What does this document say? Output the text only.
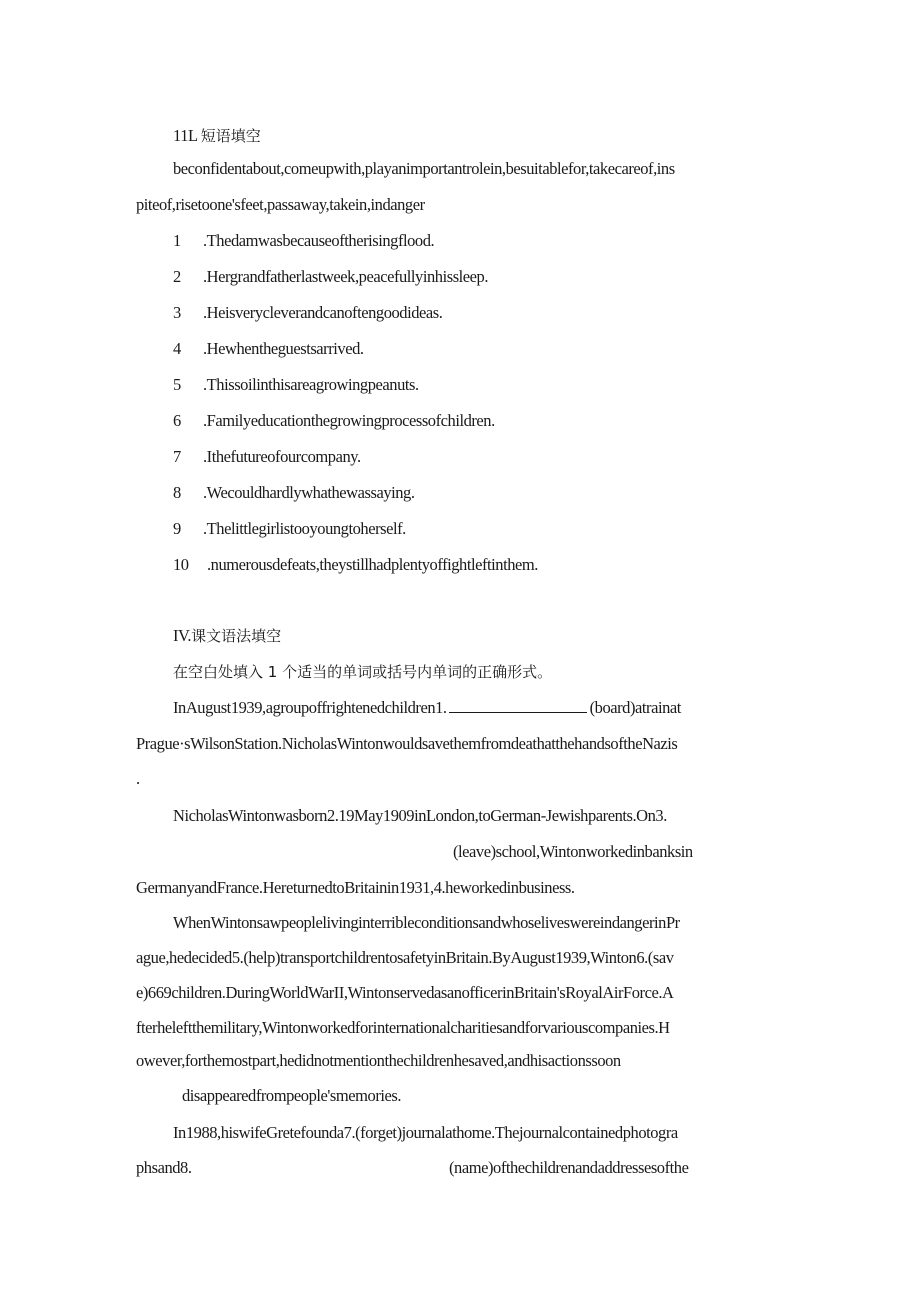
11L 短语填空
beconfidentabout,comeupwith,playanimportantrolein,besuitablefor,takecareof,ins
piteof,risetoone'sfeet,passaway,takein,indanger
1 .Thedamwasbecauseoftherisingflood.
2 .Hergrandfatherlastweek,peacefullyinhissleep.
3 .Heisverycleverandcanoftengoodideas.
4 .Hewhentheguestsarrived.
5 .Thissoilinthisareagrowingpeanuts.
6 .Familyeducationthegrowingprocessofchildren.
7 .Ithefutureofourcompany.
8 .Wecouldhardlywhathewassaying.
9 .Thelittlegirlistooyoungtoherself.
10 .numerousdefeats,theystillhadplentyoffightleftinthem.
IV.课文语法填空
在空白处填入 1 个适当的单词或括号内单词的正确形式。
InAugust1939,agroupoffrightenedchildren1.	(board)atrainat
Prague·sWilsonStation.NicholasWintonwouldsavethemfromdeathatthehandsoftheNazis
.
NicholasWintonwasborn2.19May1909inLondon,toGerman-Jewishparents.On3.
(leave)school,Wintonworkedinbanksin
GermanyandFrance.HereturnedtoBritainin1931,4.heworkedinbusiness.
WhenWintonsawpeoplelivinginterribleconditionsandwhoseliveswereindangerinPr
ague,hedecided5.(help)transportchildrentosafetyinBritain.ByAugust1939,Winton6.(sav
e)669children.DuringWorldWarII,WintonservedasanofficerinBritain'sRoyalAirForce.A
fterheleftthemilitary,Wintonworkedforinternationalcharitiesandforvariouscompanies.H
owever,forthemostpart,hedidnotmentionthechildrenhesaved,andhisactionssoon
disappearedfrompeople'smemories.
In1988,hiswifeGretefounda7.(forget)journalathome.Thejournalcontainedphotogra
phsand8.	(name)ofthechildrenandaddressesofthe
